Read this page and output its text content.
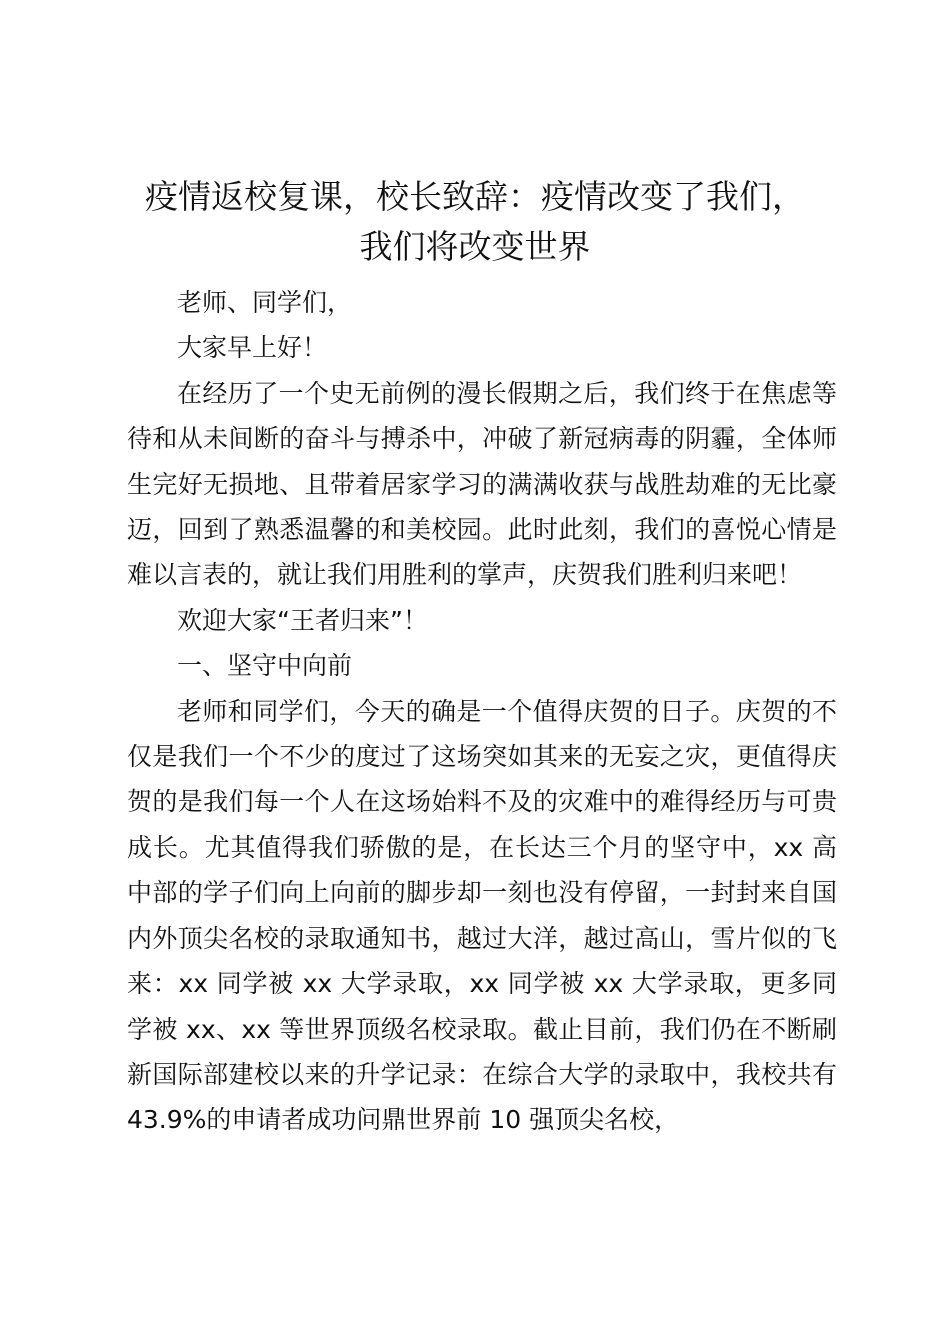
疫情返校复课，校长致辞：疫情改变了我们，
我们将改变世界

老师、同学们，

大家早上好！

在经历了一个史无前例的漫长假期之后，我们终于在焦虑等待和从未间断的奋斗与搏杀中，冲破了新冠病毒的阴霾，全体师生完好无损地、且带着居家学习的满满收获与战胜劫难的无比豪迈，回到了熟悉温馨的和美校园。此时此刻，我们的喜悦心情是难以言表的，就让我们用胜利的掌声，庆贺我们胜利归来吧！

欢迎大家“王者归来”！

一、坚守中向前

老师和同学们，今天的确是一个值得庆贺的日子。庆贺的不仅是我们一个不少的度过了这场突如其来的无妄之灾，更值得庆贺的是我们每一个人在这场始料不及的灾难中的难得经历与可贵成长。尤其值得我们骄傲的是，在长达三个月的坚守中，xx 高中部的学子们向上向前的脚步却一刻也没有停留，一封封来自国内外顶尖名校的录取通知书，越过大洋，越过高山，雪片似的飞来：xx 同学被 xx 大学录取，xx 同学被 xx 大学录取，更多同学被 xx、xx 等世界顶级名校录取。截止目前，我们仍在不断刷新国际部建校以来的升学记录：在综合大学的录取中，我校共有 43.9%的申请者成功问鼎世界前 10 强顶尖名校，
